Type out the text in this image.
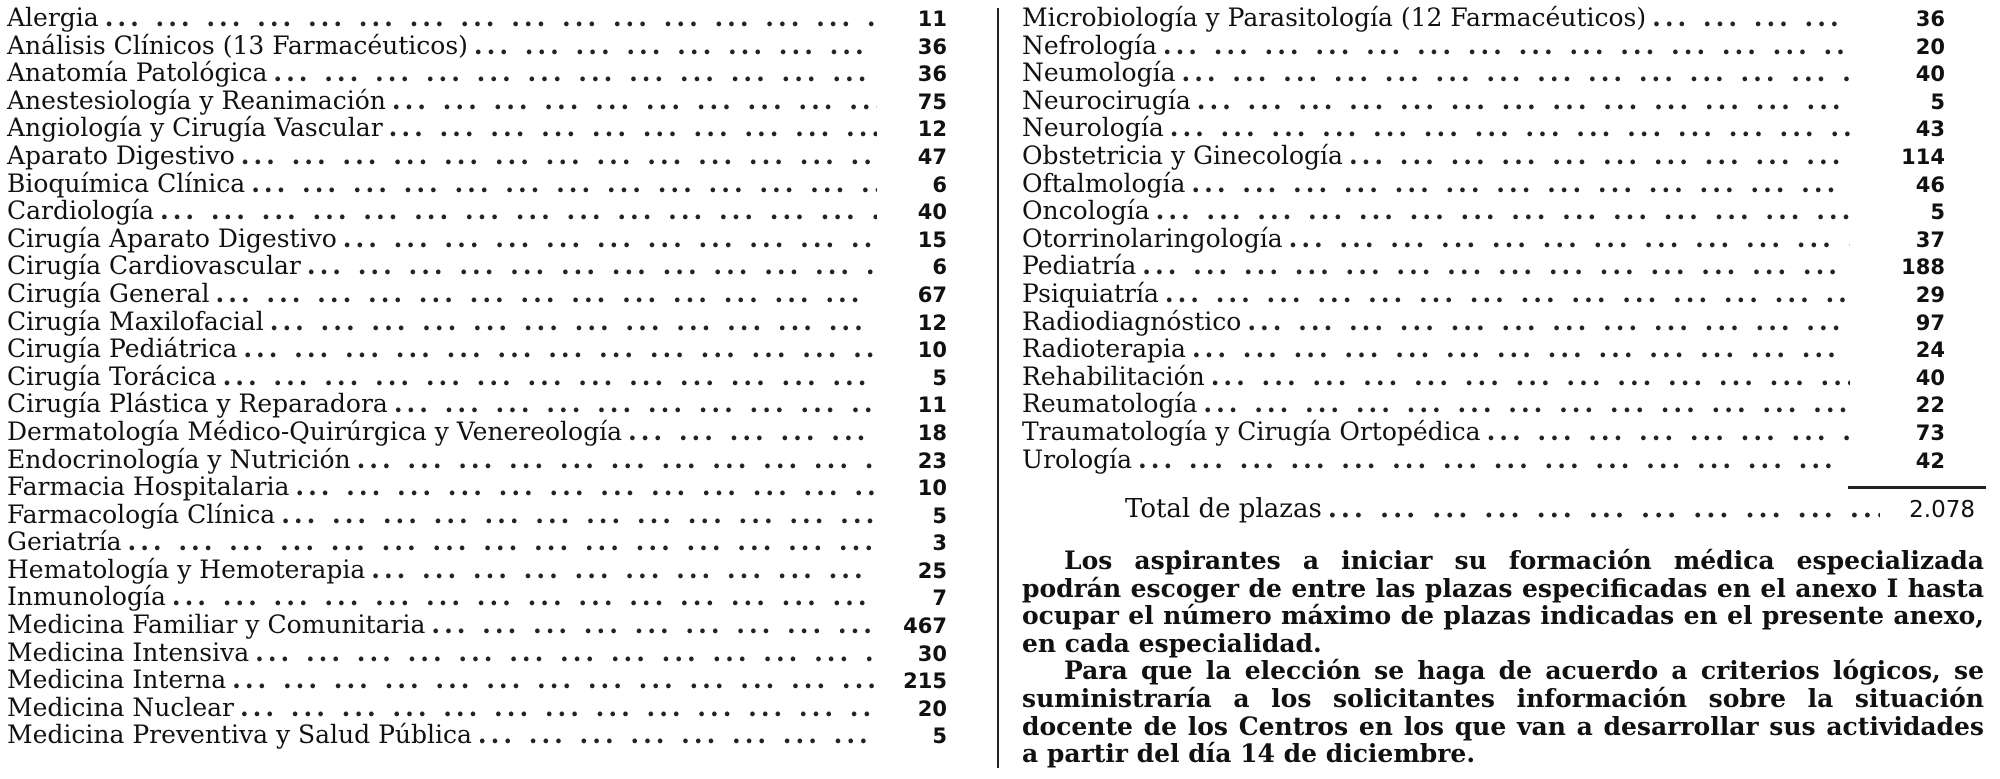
Alergia ... .	11
Análisis Clínicos (13 Farmacéuticos) ... .	36
Anatomía Patológica ... .	36
Anestesiología y Reanimación ... .	75
Angiología y Cirugía Vascular ... .	12
Aparato Digestivo ... .	47
Bioquímica Clínica ... .	6
Cardiología ... .	40
Cirugía Aparato Digestivo ... .	15
Cirugía Cardiovascular ... .	6
Cirugía General ... .	67
Cirugía Maxilofacial ... .	12
Cirugía Pediátrica ... .	10
Cirugía Torácica ... .	5
Cirugía Plástica y Reparadora ... .	11
Dermatología Médico-Quirúrgica y Venereología ... .	18
Endocrinología y Nutrición ... .	23
Farmacia Hospitalaria ... .	10
Farmacología Clínica ... .	5
Geriatría ... .	3
Hematología y Hemoterapia ... .	25
Inmunología ... .	7
Medicina Familiar y Comunitaria ... .	467
Medicina Intensiva ... .	30
Medicina Interna ... .	215
Medicina Nuclear ... .	20
Medicina Preventiva y Salud Pública ... .	5
Microbiología y Parasitología (12 Farmacéuticos) ... .	36
Nefrología ... .	20
Neumología ... .	40
Neurocirugía ... .	5
Neurología ... .	43
Obstetricia y Ginecología ... .	114
Oftalmología ... .	46
Oncología ... .	5
Otorrinolaringología ... .	37
Pediatría ... .	188
Psiquiatría ... .	29
Radiodiagnóstico ... .	97
Radioterapia ... .	24
Rehabilitación ... .	40
Reumatología ... .	22
Traumatología y Cirugía Ortopédica ... .	73
Urología ... .	42
Total de plazas ... .	2.078

Los aspirantes a iniciar su formación médica especializada podrán escoger de entre las plazas especificadas en el anexo I hasta ocupar el número máximo de plazas indicadas en el presente anexo, en cada especialidad.

Para que la elección se haga de acuerdo a criterios lógicos, se suministraría a los solicitantes información sobre la situación docente de los Centros en los que van a desarrollar sus actividades a partir del día 14 de diciembre.
